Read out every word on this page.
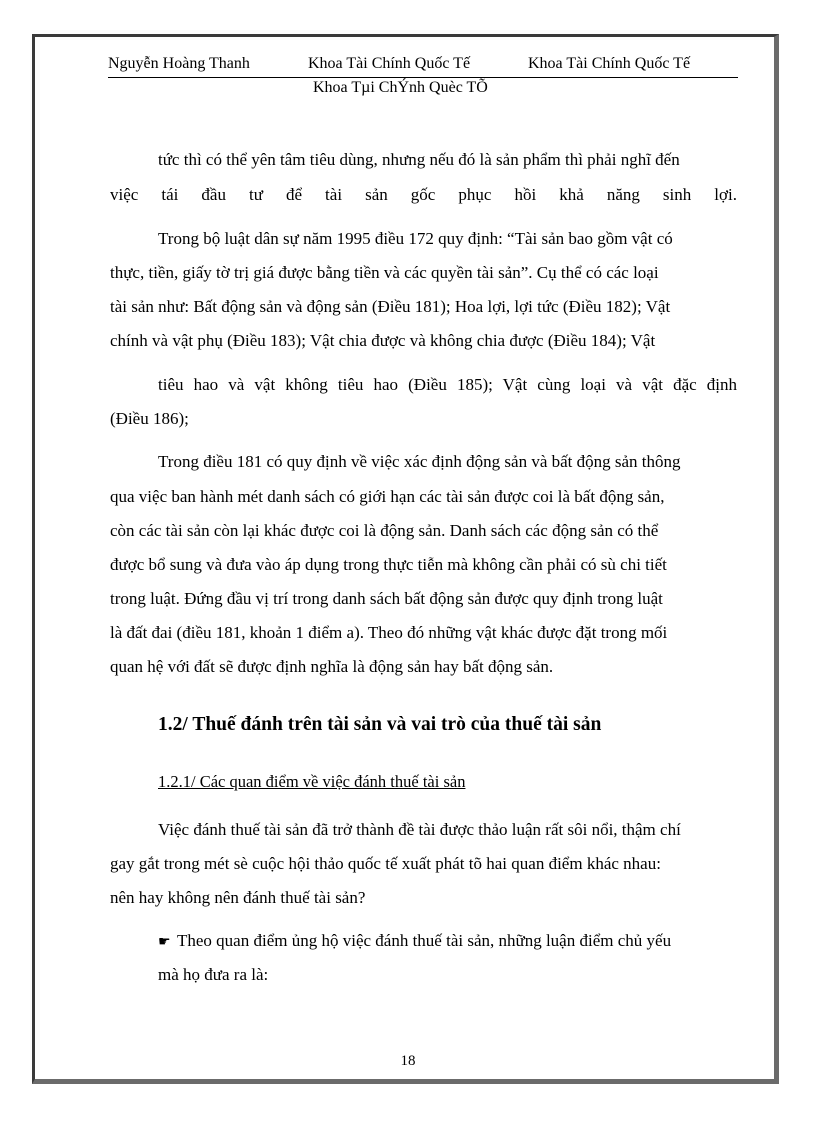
Nguyễn Hoàng Thanh	Khoa Tài Chính Quốc Tế	Khoa Tài Chính Quốc Tế
Khoa Tµi ChÝnh Quèc TÕ
tức thì có thể yên tâm tiêu dùng, nhưng nếu đó là sản phẩm thì phải nghĩ đến
việc tái đầu tư để tài sản gốc phục hồi khả năng sinh lợi.
Trong bộ luật dân sự năm 1995 điều 172 quy định: “Tài sản bao gồm vật có
thực, tiền, giấy tờ trị giá được bằng tiền và các quyền tài sản”. Cụ thể có các loại
tài sản như: Bất động sản và động sản (Điều 181); Hoa lợi, lợi tức (Điều 182); Vật
chính và vật phụ (Điều 183); Vật chia được và không chia được (Điều 184); Vật
tiêu hao và vật không tiêu hao (Điều 185); Vật cùng loại và vật đặc định
(Điều 186);
Trong điều 181 có quy định về việc xác định động sản và bất động sản thông
qua việc ban hành mét danh sách có giới hạn các tài sản được coi là bất động sản,
còn các tài sản còn lại khác được coi là động sản. Danh sách các động sản có thể
được bổ sung và đưa vào áp dụng trong thực tiễn mà không cần phải có sù chi tiết
trong luật. Đứng đầu vị trí trong danh sách bất động sản được quy định trong luật
là đất đai (điều 181, khoản 1 điểm a). Theo đó những vật khác được đặt trong mối
quan hệ với đất sẽ được định nghĩa là động sản hay bất động sản.
1.2/ Thuế đánh trên tài sản và vai trò của thuế tài sản
1.2.1/ Các quan điểm về việc đánh thuế tài sản
Việc đánh thuế tài sản đã trở thành đề tài được thảo luận rất sôi nổi, thậm chí
gay gắt trong mét sè cuộc hội thảo quốc tế xuất phát tõ hai quan điểm khác nhau:
nên hay không nên đánh thuế tài sản?
☛ Theo quan điểm ủng hộ việc đánh thuế tài sản, những luận điểm chủ yếu
mà họ đưa ra là:
18
